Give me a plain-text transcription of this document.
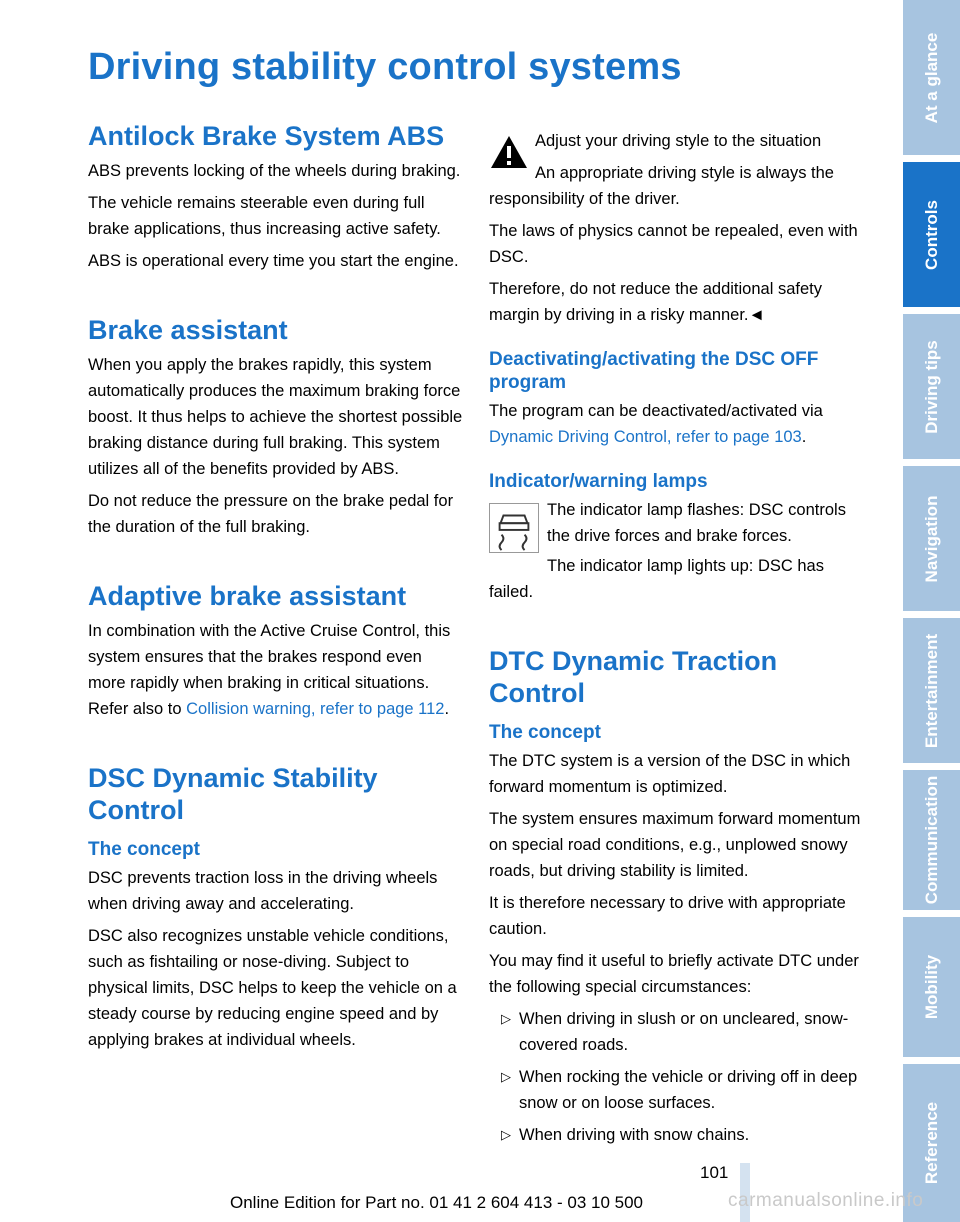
Driving stability control systems
Antilock Brake System ABS

ABS prevents locking of the wheels during braking.

The vehicle remains steerable even during full brake applications, thus increasing active safety.

ABS is operational every time you start the engine.

Brake assistant

When you apply the brakes rapidly, this system automatically produces the maximum braking force boost. It thus helps to achieve the shortest possible braking distance during full braking. This system utilizes all of the benefits provided by ABS.

Do not reduce the pressure on the brake pedal for the duration of the full braking.

Adaptive brake assistant

In combination with the Active Cruise Control, this system ensures that the brakes respond even more rapidly when braking in critical situations. Refer also to Collision warning, refer to page 112.

DSC Dynamic Stability Control
The concept

DSC prevents traction loss in the driving wheels when driving away and accelerating.

DSC also recognizes unstable vehicle conditions, such as fishtailing or nose-diving. Subject to physical limits, DSC helps to keep the vehicle on a steady course by reducing engine speed and by applying brakes at individual wheels.

Adjust your driving style to the situation

An appropriate driving style is always the responsibility of the driver.

The laws of physics cannot be repealed, even with DSC.

Therefore, do not reduce the additional safety margin by driving in a risky manner.◄

Deactivating/activating the DSC OFF program

The program can be deactivated/activated via Dynamic Driving Control, refer to page 103.

Indicator/warning lamps

The indicator lamp flashes: DSC controls the drive forces and brake forces.

The indicator lamp lights up: DSC has failed.

DTC Dynamic Traction Control
The concept

The DTC system is a version of the DSC in which forward momentum is optimized.

The system ensures maximum forward momentum on special road conditions, e.g., unplowed snowy roads, but driving stability is limited.

It is therefore necessary to drive with appropriate caution.

You may find it useful to briefly activate DTC under the following special circumstances:

▷ When driving in slush or on uncleared, snow-covered roads.
▷ When rocking the vehicle or driving off in deep snow or on loose surfaces.
▷ When driving with snow chains.
At a glance
Controls
Driving tips
Navigation
Entertainment
Communication
Mobility
Reference
101
Online Edition for Part no. 01 41 2 604 413 - 03 10 500	carmanualsonline.info
